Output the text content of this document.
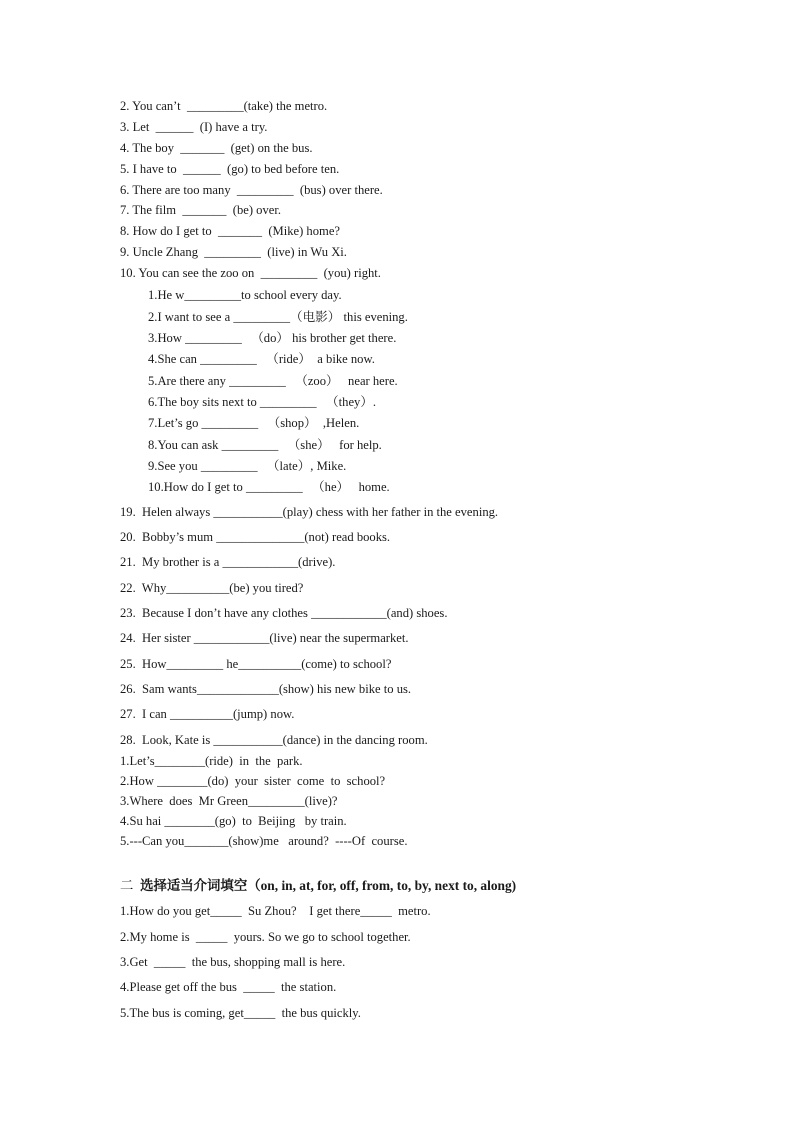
2. You can’t  _________(take) the metro.
3. Let  ______  (I) have a try.
4. The boy  _______  (get) on the bus.
5. I have to  ______  (go) to bed before ten.
6. There are too many  _________  (bus) over there.
7. The film  _______  (be) over.
8. How do I get to  _______  (Mike) home?
9. Uncle Zhang  _________  (live) in Wu Xi.
10. You can see the zoo on  _________  (you) right.
1.He w_________to school every day.
2.I want to see a _________（电影） this evening.
3.How _________   （do） his brother get there.
4.She can _________   （ride）  a bike now.
5.Are there any _________   （zoo）   near here.
6.The boy sits next to _________   （they）.
7.Let’s go _________   （shop）  ,Helen.
8.You can ask _________   （she）   for help.
9.See you _________   （late）, Mike.
10.How do I get to _________   （he）   home.
19.  Helen always ___________(play) chess with her father in the evening.
20.  Bobby’s mum ______________(not) read books.
21.  My brother is a ____________(drive).
22.  Why__________(be) you tired?
23.  Because I don’t have any clothes ____________(and) shoes.
24.  Her sister ____________(live) near the supermarket.
25.  How_________ he__________(come) to school?
26.  Sam wants_____________(show) his new bike to us.
27.  I can __________(jump) now.
28.  Look, Kate is ___________(dance) in the dancing room.
1.Let’s________(ride)  in  the  park.
2.How ________(do)  your  sister  come  to  school?
3.Where  does  Mr Green_________(live)?
4.Su hai ________(go)  to  Beijing   by train.
5.---Can you_______(show)me   around?  ----Of  course.
二  选择适当介词填空（on, in, at, for, off, from, to, by, next to, along)
1.How do you get_____  Su Zhou?    I get there_____  metro.
2.My home is  _____  yours. So we go to school together.
3.Get  _____  the bus, shopping mall is here.
4.Please get off the bus  _____  the station.
5.The bus is coming, get_____  the bus quickly.
